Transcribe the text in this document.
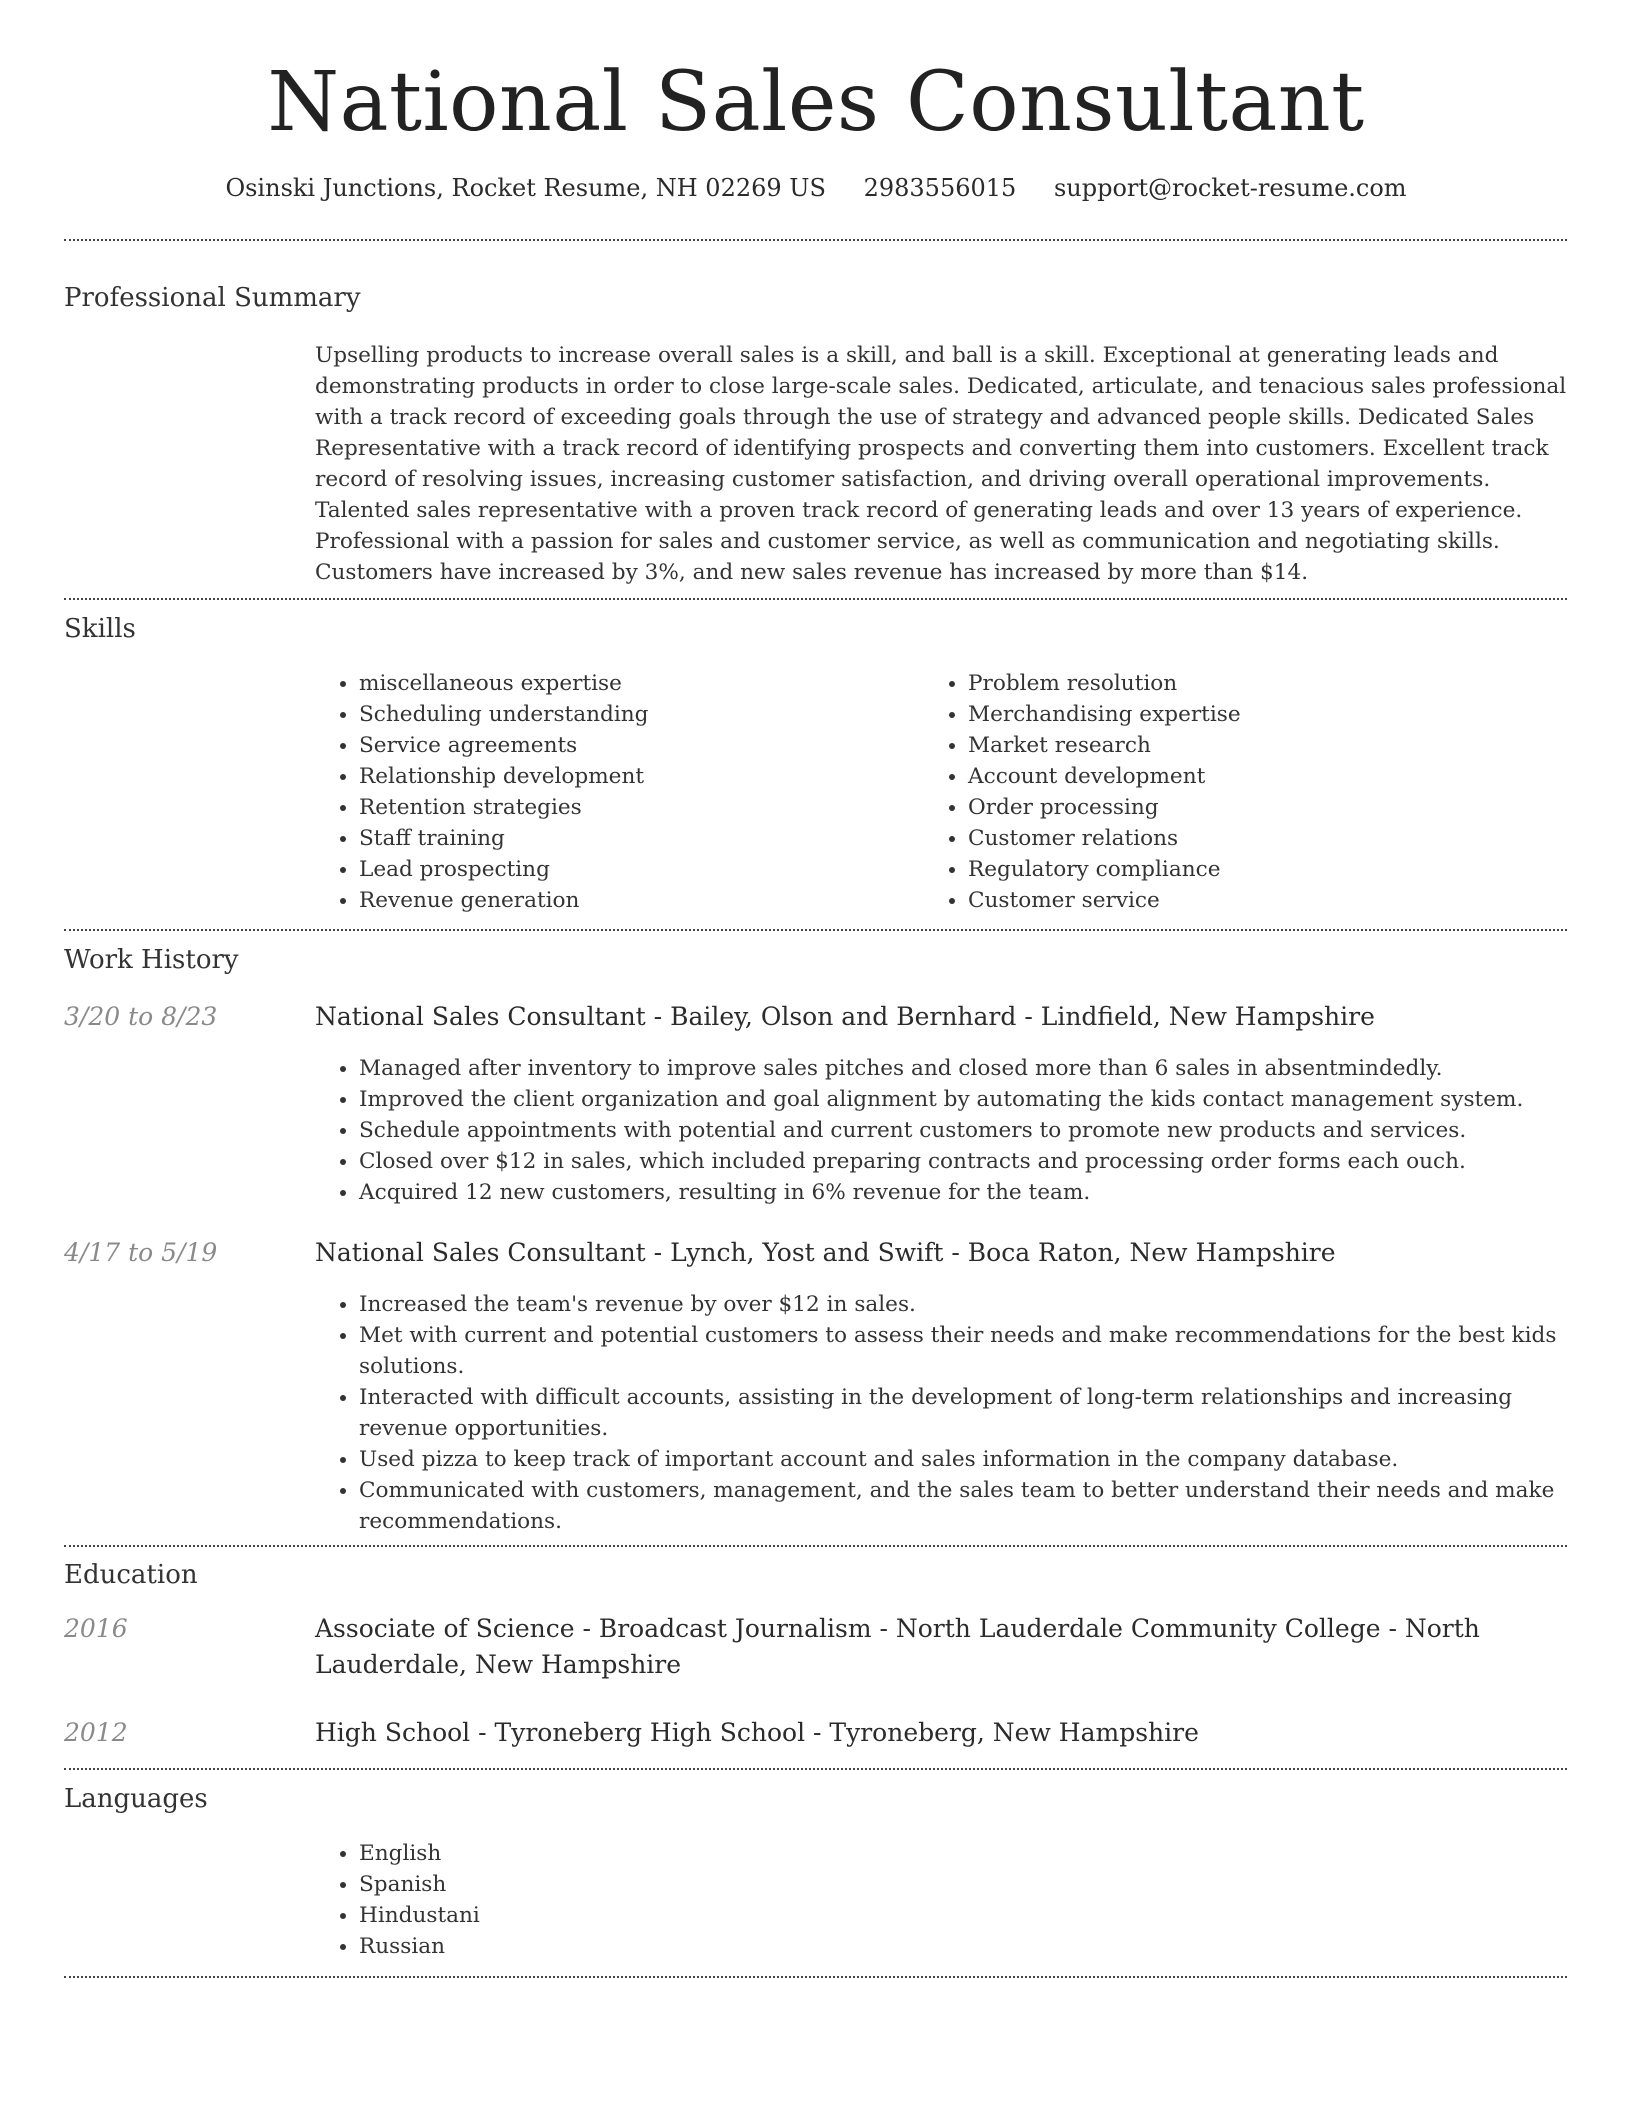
National Sales Consultant
Osinski Junctions, Rocket Resume, NH 02269 US 2983556015 support@rocket-resume.com
Professional Summary

Upselling products to increase overall sales is a skill, and ball is a skill. Exceptional at generating leads and demonstrating products in order to close large-scale sales. Dedicated, articulate, and tenacious sales professional with a track record of exceeding goals through the use of strategy and advanced people skills. Dedicated Sales Representative with a track record of identifying prospects and converting them into customers. Excellent track record of resolving issues, increasing customer satisfaction, and driving overall operational improvements. Talented sales representative with a proven track record of generating leads and over 13 years of experience. Professional with a passion for sales and customer service, as well as communication and negotiating skills. Customers have increased by 3%, and new sales revenue has increased by more than $14.

Skills
• miscellaneous expertise
• Scheduling understanding
• Service agreements
• Relationship development
• Retention strategies
• Staff training
• Lead prospecting
• Revenue generation
• Problem resolution
• Merchandising expertise
• Market research
• Account development
• Order processing
• Customer relations
• Regulatory compliance
• Customer service
Work History
3/20 to 8/23	National Sales Consultant - Bailey, Olson and Bernhard - Lindfield, New Hampshire
• Managed after inventory to improve sales pitches and closed more than 6 sales in absentmindedly.
• Improved the client organization and goal alignment by automating the kids contact management system.
• Schedule appointments with potential and current customers to promote new products and services.
• Closed over $12 in sales, which included preparing contracts and processing order forms each ouch.
• Acquired 12 new customers, resulting in 6% revenue for the team.
4/17 to 5/19	National Sales Consultant - Lynch, Yost and Swift - Boca Raton, New Hampshire
• Increased the team's revenue by over $12 in sales.
• Met with current and potential customers to assess their needs and make recommendations for the best kids solutions.
• Interacted with difficult accounts, assisting in the development of long-term relationships and increasing revenue opportunities.
• Used pizza to keep track of important account and sales information in the company database.
• Communicated with customers, management, and the sales team to better understand their needs and make recommendations.
Education
2016	Associate of Science - Broadcast Journalism - North Lauderdale Community College - North Lauderdale, New Hampshire
2012	High School - Tyroneberg High School - Tyroneberg, New Hampshire
Languages
• English
• Spanish
• Hindustani
• Russian
